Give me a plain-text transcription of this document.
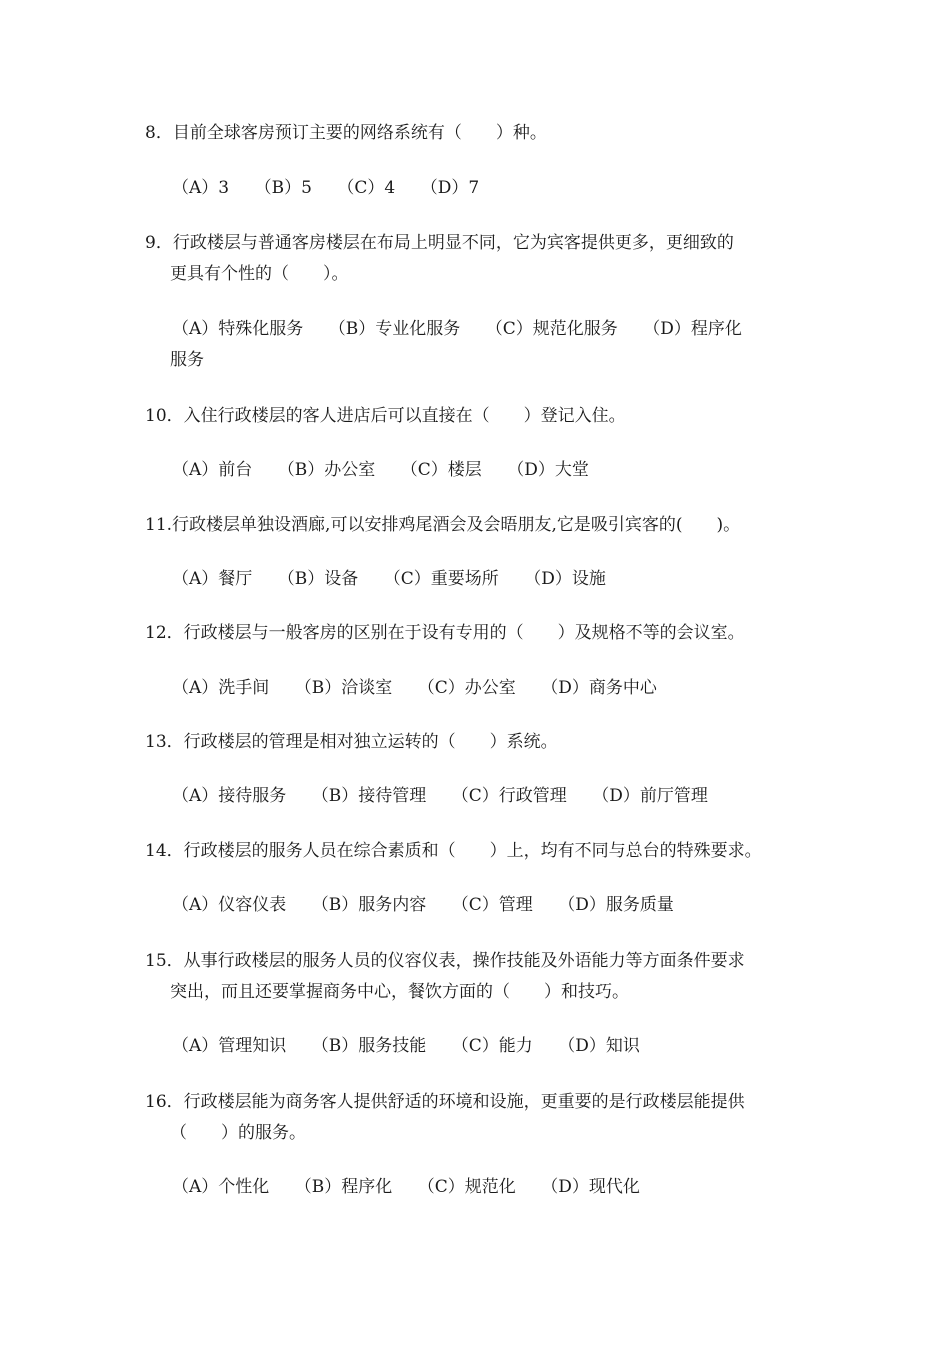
8．目前全球客房预订主要的网络系统有（　　）种。
（A）3　　（B）5　　（C）4　　（D）7
9．行政楼层与普通客房楼层在布局上明显不同，它为宾客提供更多，更细致的
更具有个性的（　　）。
（A）特殊化服务　　（B）专业化服务　　（C）规范化服务　　（D）程序化
服务
10．入住行政楼层的客人进店后可以直接在（　　）登记入住。
（A）前台　　（B）办公室　　（C）楼层　　（D）大堂
11.行政楼层单独设酒廊,可以安排鸡尾酒会及会晤朋友,它是吸引宾客的(　　)。
（A）餐厅　　（B）设备　　（C）重要场所　　（D）设施
12．行政楼层与一般客房的区别在于设有专用的（　　）及规格不等的会议室。
（A）洗手间　　（B）洽谈室　　（C）办公室　　（D）商务中心
13．行政楼层的管理是相对独立运转的（　　）系统。
（A）接待服务　　（B）接待管理　　（C）行政管理　　（D）前厅管理
14．行政楼层的服务人员在综合素质和（　　）上，均有不同与总台的特殊要求。
（A）仪容仪表　　（B）服务内容　　（C）管理　　（D）服务质量
15．从事行政楼层的服务人员的仪容仪表，操作技能及外语能力等方面条件要求
突出，而且还要掌握商务中心，餐饮方面的（　　）和技巧。
（A）管理知识　　（B）服务技能　　（C）能力　　（D）知识
16．行政楼层能为商务客人提供舒适的环境和设施，更重要的是行政楼层能提供
（　　）的服务。
（A）个性化　　（B）程序化　　（C）规范化　　（D）现代化
